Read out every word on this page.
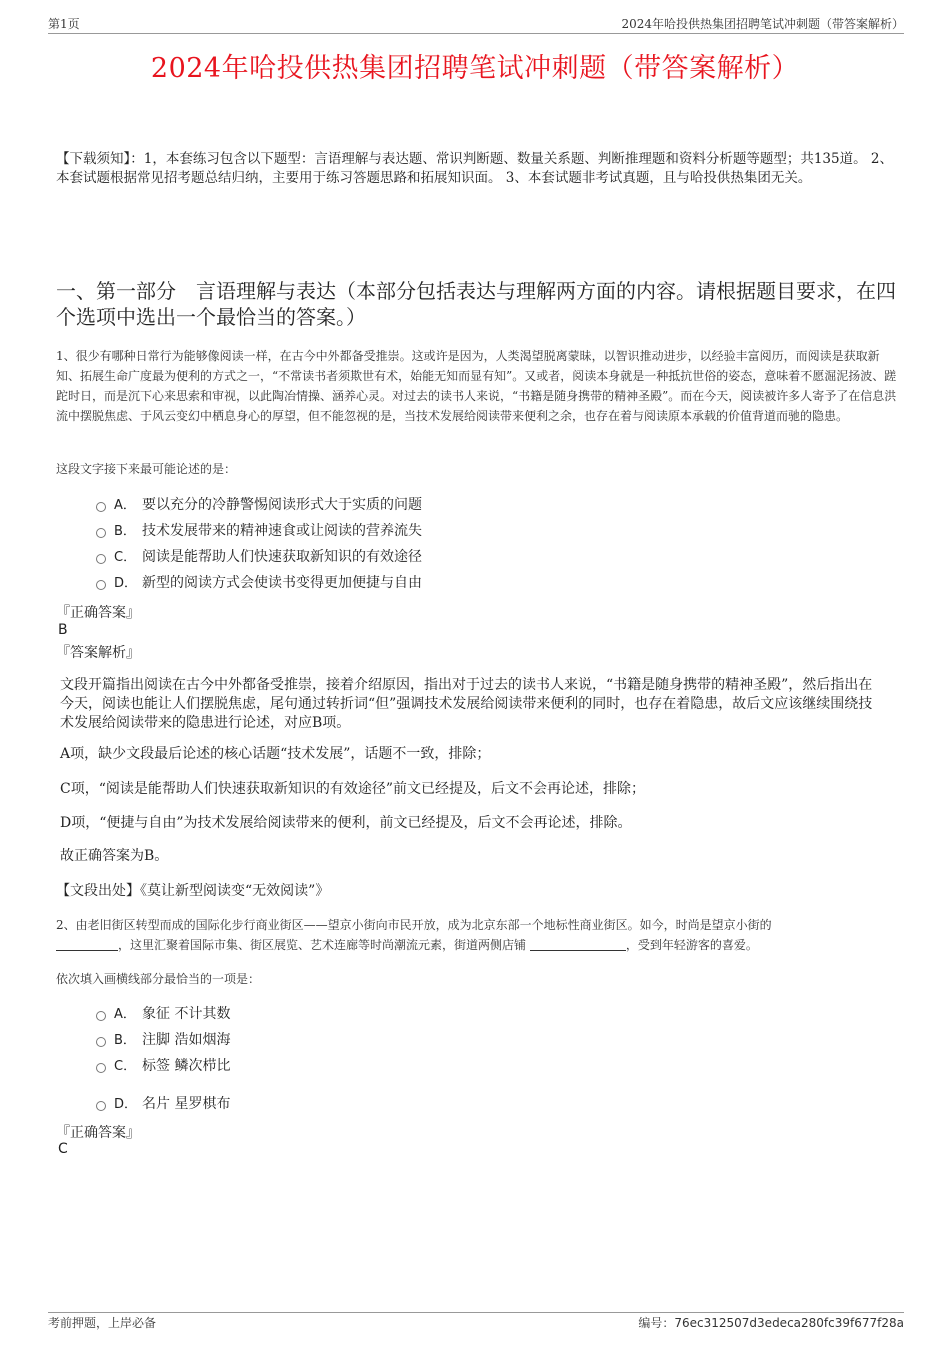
第1页	2024年哈投供热集团招聘笔试冲刺题（带答案解析）
2024年哈投供热集团招聘笔试冲刺题（带答案解析）
【下载须知】：1，本套练习包含以下题型：言语理解与表达题、常识判断题、数量关系题、判断推理题和资料分析题等题型；共135道。 2、本套试题根据常见招考题总结归纳，主要用于练习答题思路和拓展知识面。 3、本套试题非考试真题，且与哈投供热集团无关。
一、第一部分　言语理解与表达（本部分包括表达与理解两方面的内容。请根据题目要求，在四个选项中选出一个最恰当的答案。）
1、很少有哪种日常行为能够像阅读一样，在古今中外都备受推崇。这或许是因为，人类渴望脱离蒙昧，以智识推动进步，以经验丰富阅历，而阅读是获取新知、拓展生命广度最为便利的方式之一，“不常读书者须欺世有术，始能无知而显有知”。又或者，阅读本身就是一种抵抗世俗的姿态，意味着不愿淈泥扬波、蹉跎时日，而是沉下心来思索和审视，以此陶冶情操、涵养心灵。对过去的读书人来说，“书籍是随身携带的精神圣殿”。而在今天，阅读被许多人寄予了在信息洪流中摆脱焦虑、于风云变幻中栖息身心的厚望，但不能忽视的是，当技术发展给阅读带来便利之余，也存在着与阅读原本承载的价值背道而驰的隐患。
这段文字接下来最可能论述的是：
A． 要以充分的冷静警惕阅读形式大于实质的问题
B． 技术发展带来的精神速食或让阅读的营养流失
C． 阅读是能帮助人们快速获取新知识的有效途径
D． 新型的阅读方式会使读书变得更加便捷与自由
『正确答案』
B
『答案解析』
文段开篇指出阅读在古今中外都备受推崇，接着介绍原因，指出对于过去的读书人来说，“书籍是随身携带的精神圣殿”，然后指出在今天，阅读也能让人们摆脱焦虑，尾句通过转折词“但”强调技术发展给阅读带来便利的同时，也存在着隐患，故后文应该继续围绕技术发展给阅读带来的隐患进行论述，对应B项。
A项，缺少文段最后论述的核心话题“技术发展”，话题不一致，排除；
C项，“阅读是能帮助人们快速获取新知识的有效途径”前文已经提及，后文不会再论述，排除；
D项，“便捷与自由”为技术发展给阅读带来的便利，前文已经提及，后文不会再论述，排除。
故正确答案为B。
【文段出处】《莫让新型阅读变“无效阅读”》
2、由老旧街区转型而成的国际化步行商业街区——望京小街向市民开放，成为北京东部一个地标性商业街区。如今，时尚是望京小街的
，这里汇聚着国际市集、街区展览、艺术连廊等时尚潮流元素，街道两侧店铺	，受到年轻游客的喜爱。
依次填入画横线部分最恰当的一项是：
A． 象征 不计其数
B． 注脚 浩如烟海
C． 标签 鳞次栉比
D． 名片 星罗棋布
『正确答案』
C
考前押题，上岸必备	编号：76ec312507d3edeca280fc39f677f28a
